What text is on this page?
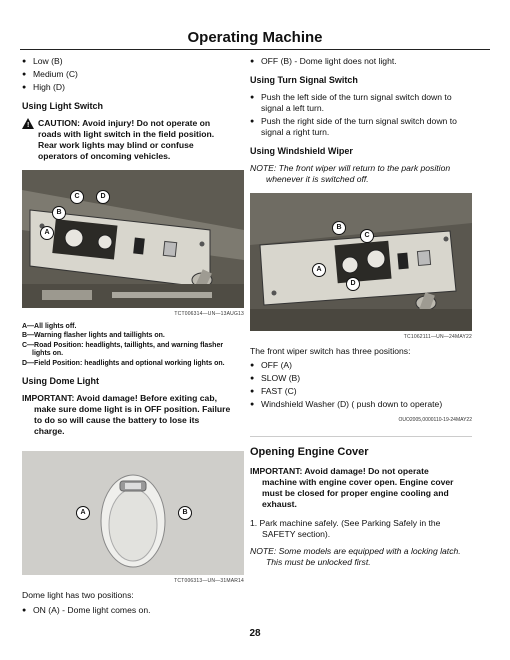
Operating Machine
● Low (B)
● Medium (C)
● High (D)
Using Light Switch
! CAUTION: Avoid injury! Do not operate on
roads with light switch in the field position.
Rear work lights may blind or confuse
operators of oncoming vehicles.
C	D
B
A
TCT006314—UN—13AUG13
A—All lights off.
B—Warning flasher lights and taillights on.
C—Road Position: headlights, taillights, and warning flasher
lights on.
D—Field Position: headlights and optional working lights on.
Using Dome Light
IMPORTANT: Avoid damage! Before exiting cab,
make sure dome light is in OFF position. Failure
to do so will cause the battery to lose its
charge.
A	B
TCT006313—UN—31MAR14
Dome light has two positions:
● ON (A) - Dome light comes on.
● OFF (B) - Dome light does not light.
Using Turn Signal Switch
● Push the left side of the turn signal switch down to
signal a left turn.
● Push the right side of the turn signal switch down to
signal a right turn.
Using Windshield Wiper
NOTE: The front wiper will return to the park position
whenever it is switched off.
B
C
A
D
TC1062111—UN—24MAY22
The front wiper switch has three positions:
● OFF (A)
● SLOW (B)
● FAST (C)
● Windshield Washer (D) ( push down to operate)
OUO2005,0000110-19-24MAY22
Opening Engine Cover
IMPORTANT: Avoid damage! Do not operate
machine with engine cover open. Engine cover
must be closed for proper engine cooling and
exhaust.
1. Park machine safely. (See Parking Safely in the
SAFETY section).
NOTE: Some models are equipped with a locking latch.
This must be unlocked first.
28
